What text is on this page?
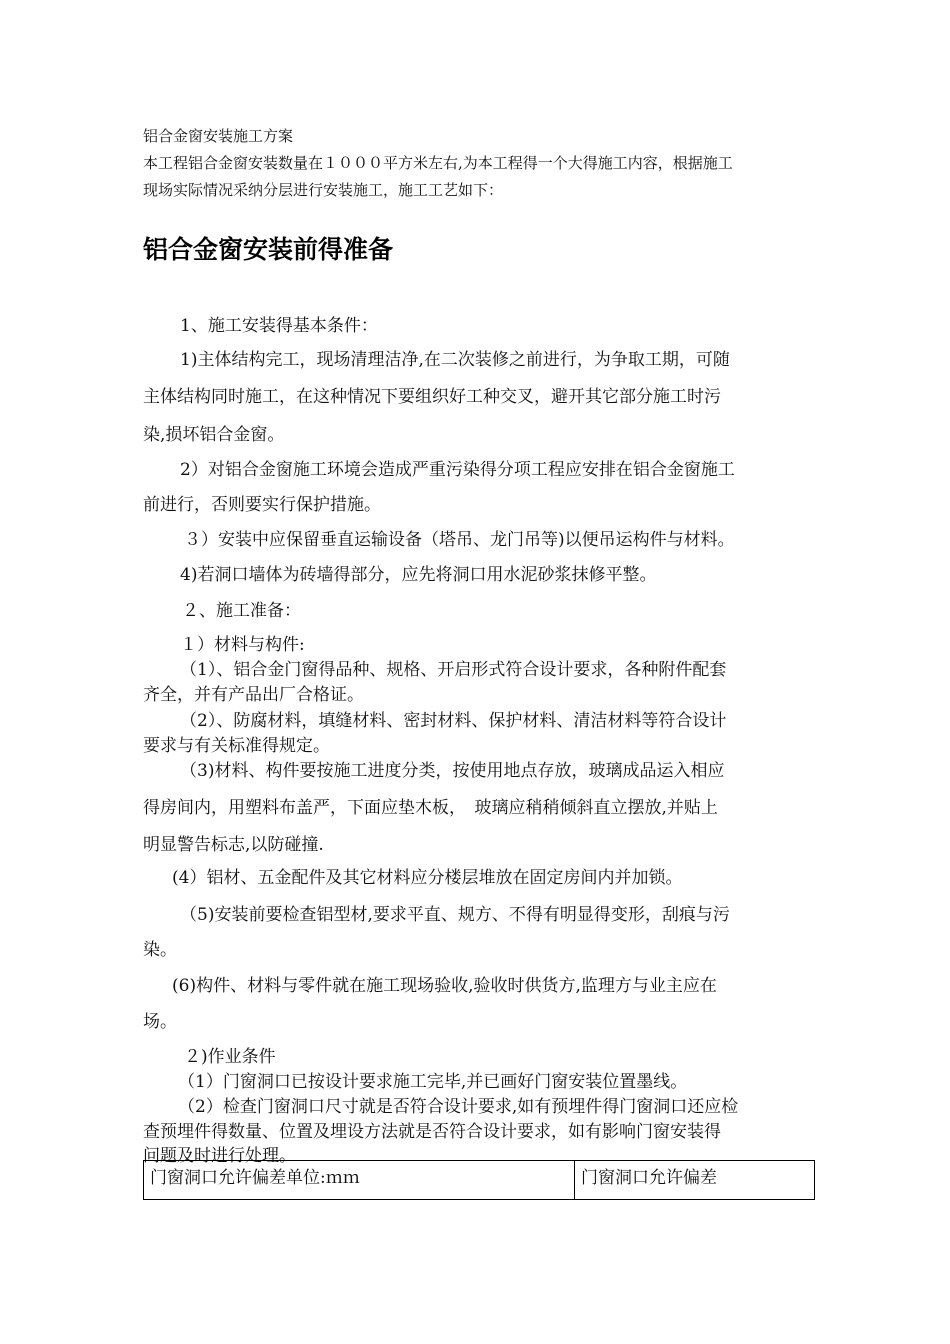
铝合金窗安装施工方案
本工程铝合金窗安装数量在１０００平方米左右,为本工程得一个大得施工内容，根据施工
现场实际情况采纳分层进行安装施工，施工工艺如下：
铝合金窗安装前得准备
1、施工安装得基本条件：
1)主体结构完工，现场清理洁净,在二次装修之前进行，为争取工期，可随
主体结构同时施工，在这种情况下要组织好工种交叉，避开其它部分施工时污
染,损坏铝合金窗。
2）对铝合金窗施工环境会造成严重污染得分项工程应安排在铝合金窗施工
前进行，否则要实行保护措施。
３）安装中应保留垂直运输设备（塔吊、龙门吊等)以便吊运构件与材料。
4)若洞口墙体为砖墙得部分，应先将洞口用水泥砂浆抹修平整。
２、施工准备：
１）材料与构件:
（1）、铝合金门窗得品种、规格、开启形式符合设计要求，各种附件配套
齐全，并有产品出厂合格证。
（2）、防腐材料，填缝材料、密封材料、保护材料、清洁材料等符合设计
要求与有关标准得规定。
（3)材料、构件要按施工进度分类，按使用地点存放，玻璃成品运入相应
得房间内，用塑料布盖严，下面应垫木板，　玻璃应稍稍倾斜直立摆放,并贴上
明显警告标志,以防碰撞.
(4）铝材、五金配件及其它材料应分楼层堆放在固定房间内并加锁。
（5)安装前要检查铝型材,要求平直、规方、不得有明显得变形，刮痕与污
染。
(6)构件、材料与零件就在施工现场验收,验收时供货方,监理方与业主应在
场。
２)作业条件
（1）门窗洞口已按设计要求施工完毕,并已画好门窗安装位置墨线。
（2）检查门窗洞口尺寸就是否符合设计要求,如有预埋件得门窗洞口还应检
查预埋件得数量、位置及埋设方法就是否符合设计要求，如有影响门窗安装得
问题及时进行处理。
门窗洞口允许偏差单位:ｍｍ	门窗洞口允许偏差
